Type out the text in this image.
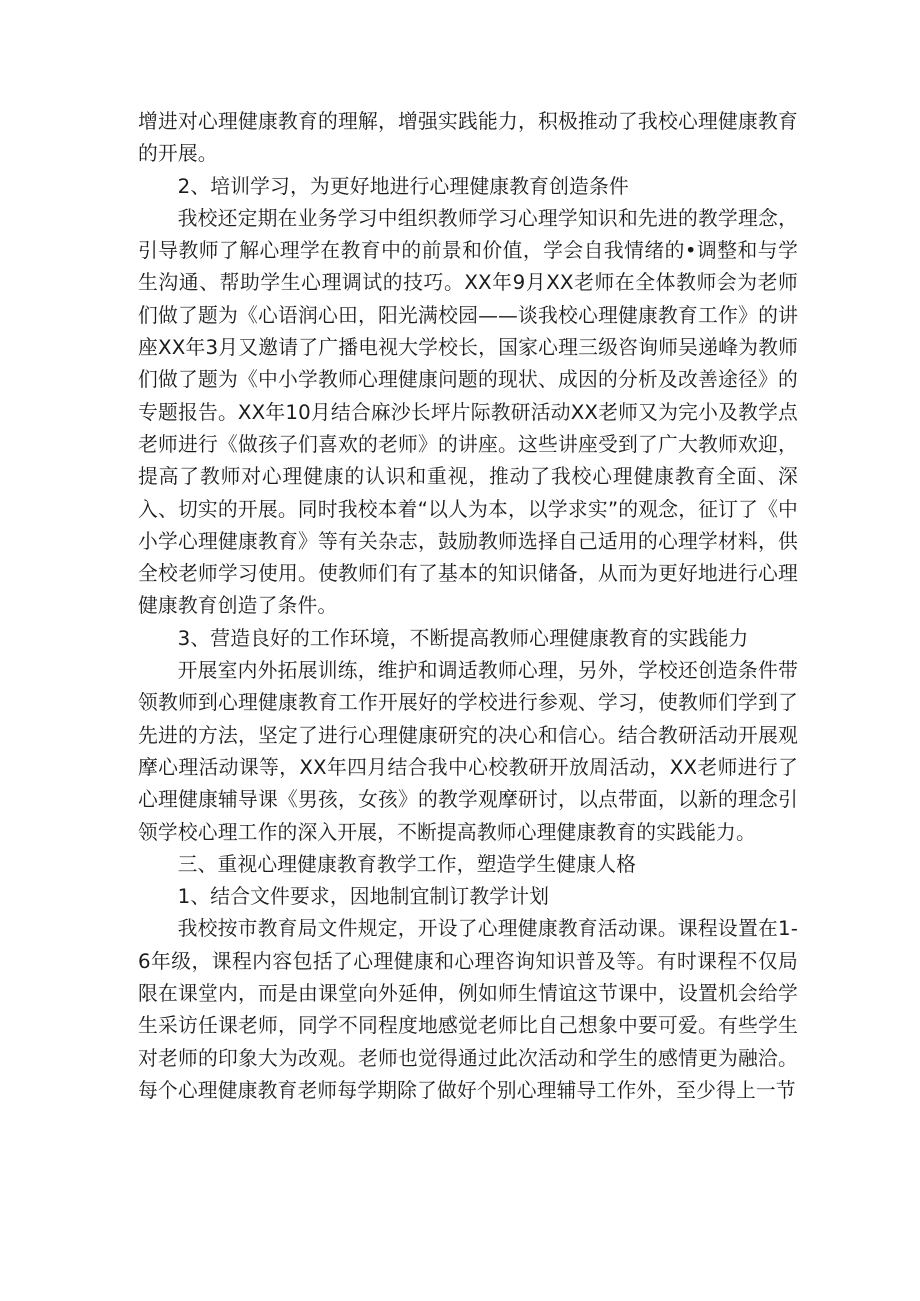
增进对心理健康教育的理解，增强实践能力，积极推动了我校心理健康教育的开展。

2、培训学习，为更好地进行心理健康教育创造条件

我校还定期在业务学习中组织教师学习心理学知识和先进的教学理念，引导教师了解心理学在教育中的前景和价值，学会自我情绪的•调整和与学生沟通、帮助学生心理调试的技巧。XX年9月XX老师在全体教师会为老师们做了题为《心语润心田，阳光满校园——谈我校心理健康教育工作》的讲座XX年3月又邀请了广播电视大学校长，国家心理三级咨询师吴递峰为教师们做了题为《中小学教师心理健康问题的现状、成因的分析及改善途径》的专题报告。XX年10月结合麻沙长坪片际教研活动XX老师又为完小及教学点老师进行《做孩子们喜欢的老师》的讲座。这些讲座受到了广大教师欢迎，提高了教师对心理健康的认识和重视，推动了我校心理健康教育全面、深入、切实的开展。同时我校本着“以人为本，以学求实”的观念，征订了《中小学心理健康教育》等有关杂志，鼓励教师选择自己适用的心理学材料，供全校老师学习使用。使教师们有了基本的知识储备，从而为更好地进行心理健康教育创造了条件。

3、营造良好的工作环境，不断提高教师心理健康教育的实践能力

开展室内外拓展训练，维护和调适教师心理，另外，学校还创造条件带领教师到心理健康教育工作开展好的学校进行参观、学习，使教师们学到了先进的方法，坚定了进行心理健康研究的决心和信心。结合教研活动开展观摩心理活动课等，XX年四月结合我中心校教研开放周活动，XX老师进行了心理健康辅导课《男孩，女孩》的教学观摩研讨，以点带面，以新的理念引领学校心理工作的深入开展，不断提高教师心理健康教育的实践能力。

三、重视心理健康教育教学工作，塑造学生健康人格

1、结合文件要求，因地制宜制订教学计划

我校按市教育局文件规定，开设了心理健康教育活动课。课程设置在1-6年级，课程内容包括了心理健康和心理咨询知识普及等。有时课程不仅局限在课堂内，而是由课堂向外延伸，例如师生情谊这节课中，设置机会给学生采访任课老师，同学不同程度地感觉老师比自己想象中要可爱。有些学生对老师的印象大为改观。老师也觉得通过此次活动和学生的感情更为融洽。每个心理健康教育老师每学期除了做好个别心理辅导工作外，至少得上一节
